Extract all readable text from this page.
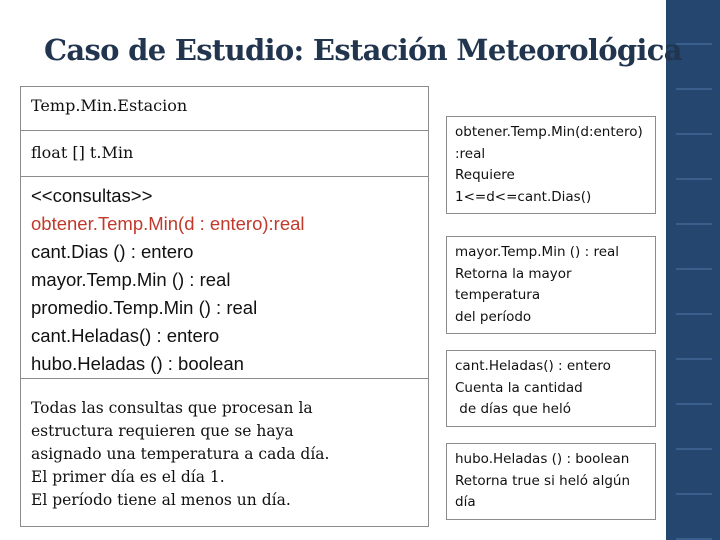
Caso de Estudio: Estación Meteorológica
Temp.Min.Estacion
float [] t.Min
<<consultas>>
obtener.Temp.Min(d : entero):real
cant.Dias () : entero
mayor.Temp.Min () : real
promedio.Temp.Min () : real
cant.Heladas() : entero
hubo.Heladas () : boolean
Todas las consultas que procesan la
estructura requieren que se haya
asignado una temperatura a cada día.
El primer día es el día 1.
El período tiene al menos un día.
obtener.Temp.Min(d:entero)
:real
Requiere
1<=d<=cant.Dias()
mayor.Temp.Min () : real
Retorna la mayor
temperatura
del período
cant.Heladas() : entero
Cuenta la cantidad
de días que heló
hubo.Heladas () : boolean
Retorna true si heló algún
día
